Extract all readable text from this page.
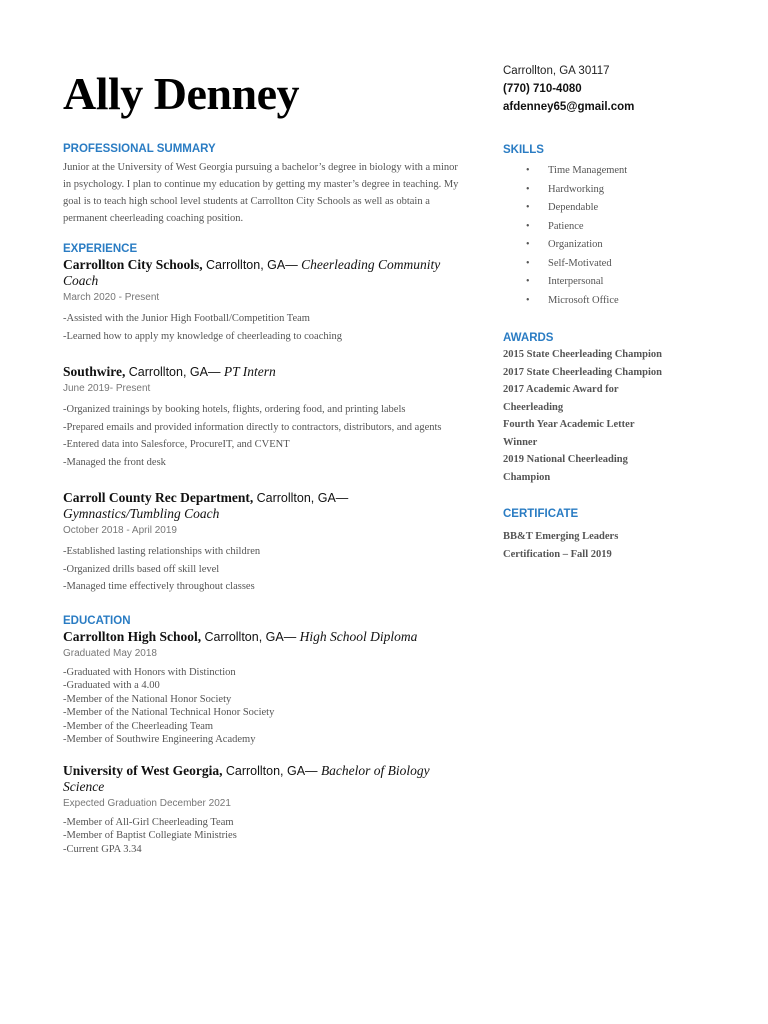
Ally Denney	Carrollton, GA 30117
(770) 710-4080
afdenney65@gmail.com
SKILLS
• Time Management
• Hardworking
• Dependable
• Patience
• Organization
• Self-Motivated
• Interpersonal
• Microsoft Office
AWARDS
2015 State Cheerleading Champion
2017 State Cheerleading Champion
2017 Academic Award for
Cheerleading
Fourth Year Academic Letter
Winner
2019 National Cheerleading
Champion
CERTIFICATE
BB&T Emerging Leaders
Certification – Fall 2019
PROFESSIONAL SUMMARY

Junior at the University of West Georgia pursuing a bachelor’s degree in biology with a minor in psychology. I plan to continue my education by getting my master’s degree in teaching. My goal is to teach high school level students at Carrollton City Schools as well as obtain a permanent cheerleading coaching position.

EXPERIENCE
Carrollton City Schools, Carrollton, GA— Cheerleading Community Coach
March 2020 - Present
-Assisted with the Junior High Football/Competition Team
-Learned how to apply my knowledge of cheerleading to coaching
Southwire, Carrollton, GA— PT Intern
June 2019- Present
-Organized trainings by booking hotels, flights, ordering food, and printing labels
-Prepared emails and provided information directly to contractors, distributors, and agents
-Entered data into Salesforce, ProcureIT, and CVENT
-Managed the front desk
Carroll County Rec Department, Carrollton, GA— Gymnastics/Tumbling Coach
October 2018 - April 2019
-Established lasting relationships with children
-Organized drills based off skill level
-Managed time effectively throughout classes
EDUCATION
Carrollton High School, Carrollton, GA— High School Diploma
Graduated May 2018
-Graduated with Honors with Distinction
-Graduated with a 4.00
-Member of the National Honor Society
-Member of the National Technical Honor Society
-Member of the Cheerleading Team
-Member of Southwire Engineering Academy
University of West Georgia, Carrollton, GA— Bachelor of Biology Science
Expected Graduation December 2021
-Member of All-Girl Cheerleading Team
-Member of Baptist Collegiate Ministries
-Current GPA 3.34
